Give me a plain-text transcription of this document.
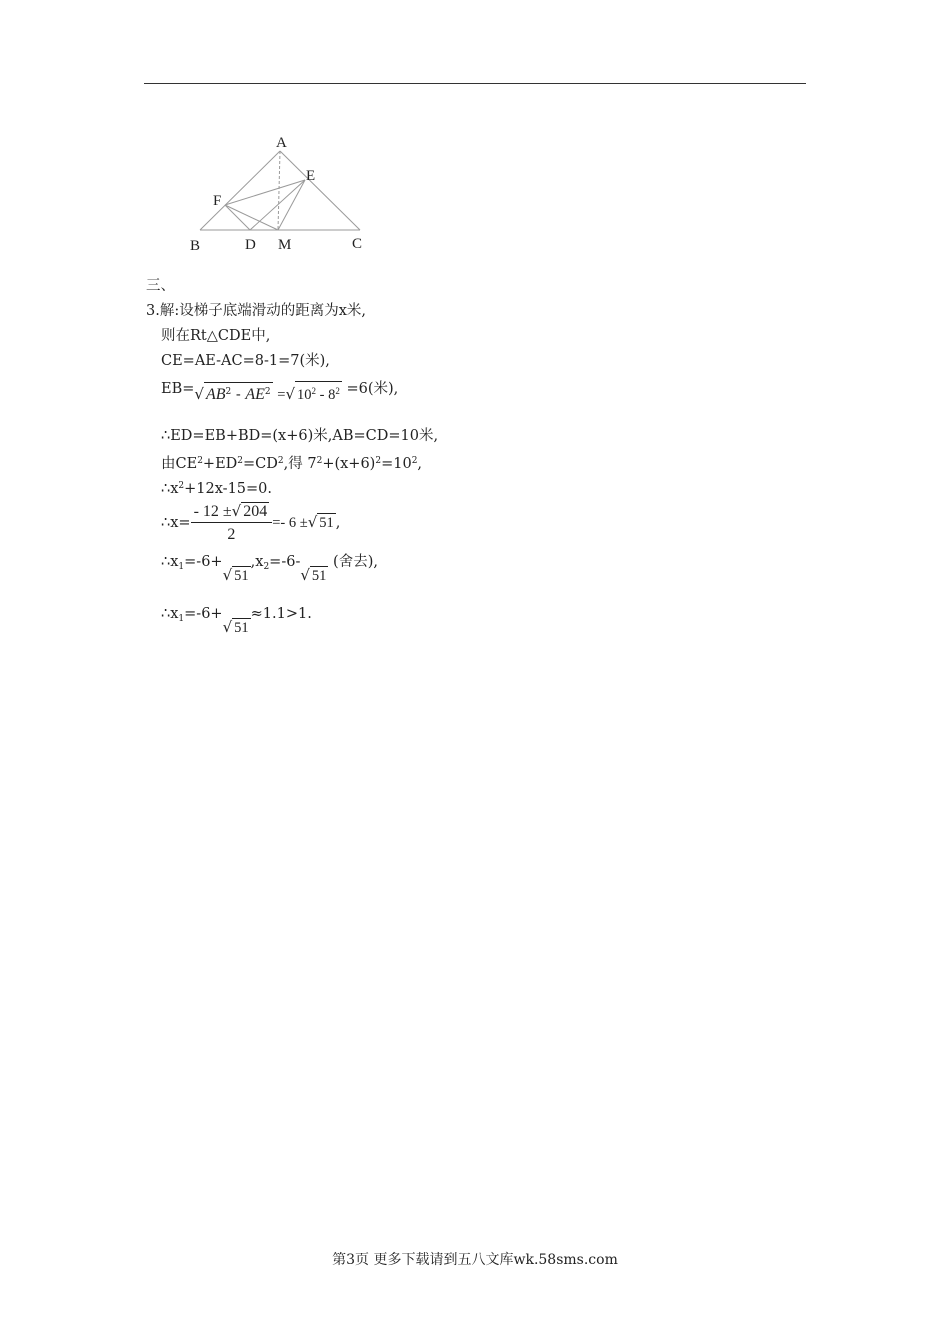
A
E
F
B	D M	C
三、
3.解:设梯子底端滑动的距离为x米,
则在Rt△CDE中,
CE=AE-AC=8-1=7(米),
EB=√ $AB^2 - AE^2$ =√ $10^2 - 8^2 =6$(米),
∴ED=EB+BD=(x+6)米,AB=CD=10米,
由$CE^2+ED^2=CD^2$,得 $7^2+(x+6)^2=10^2$,
$\therefore x^2+12x-15=0$.
∴x= $\frac{- 12 \pm√ 204}{2} =- 6$ ±√ 51 ,
$\therefore x_1=-6+√$ $51,x_2=-6-√$ 51 (舍去),
$\therefore x_1=-6+√$ 51≈1.1>1.
第3页 更多下载请到五八文库wk.58sms.com
